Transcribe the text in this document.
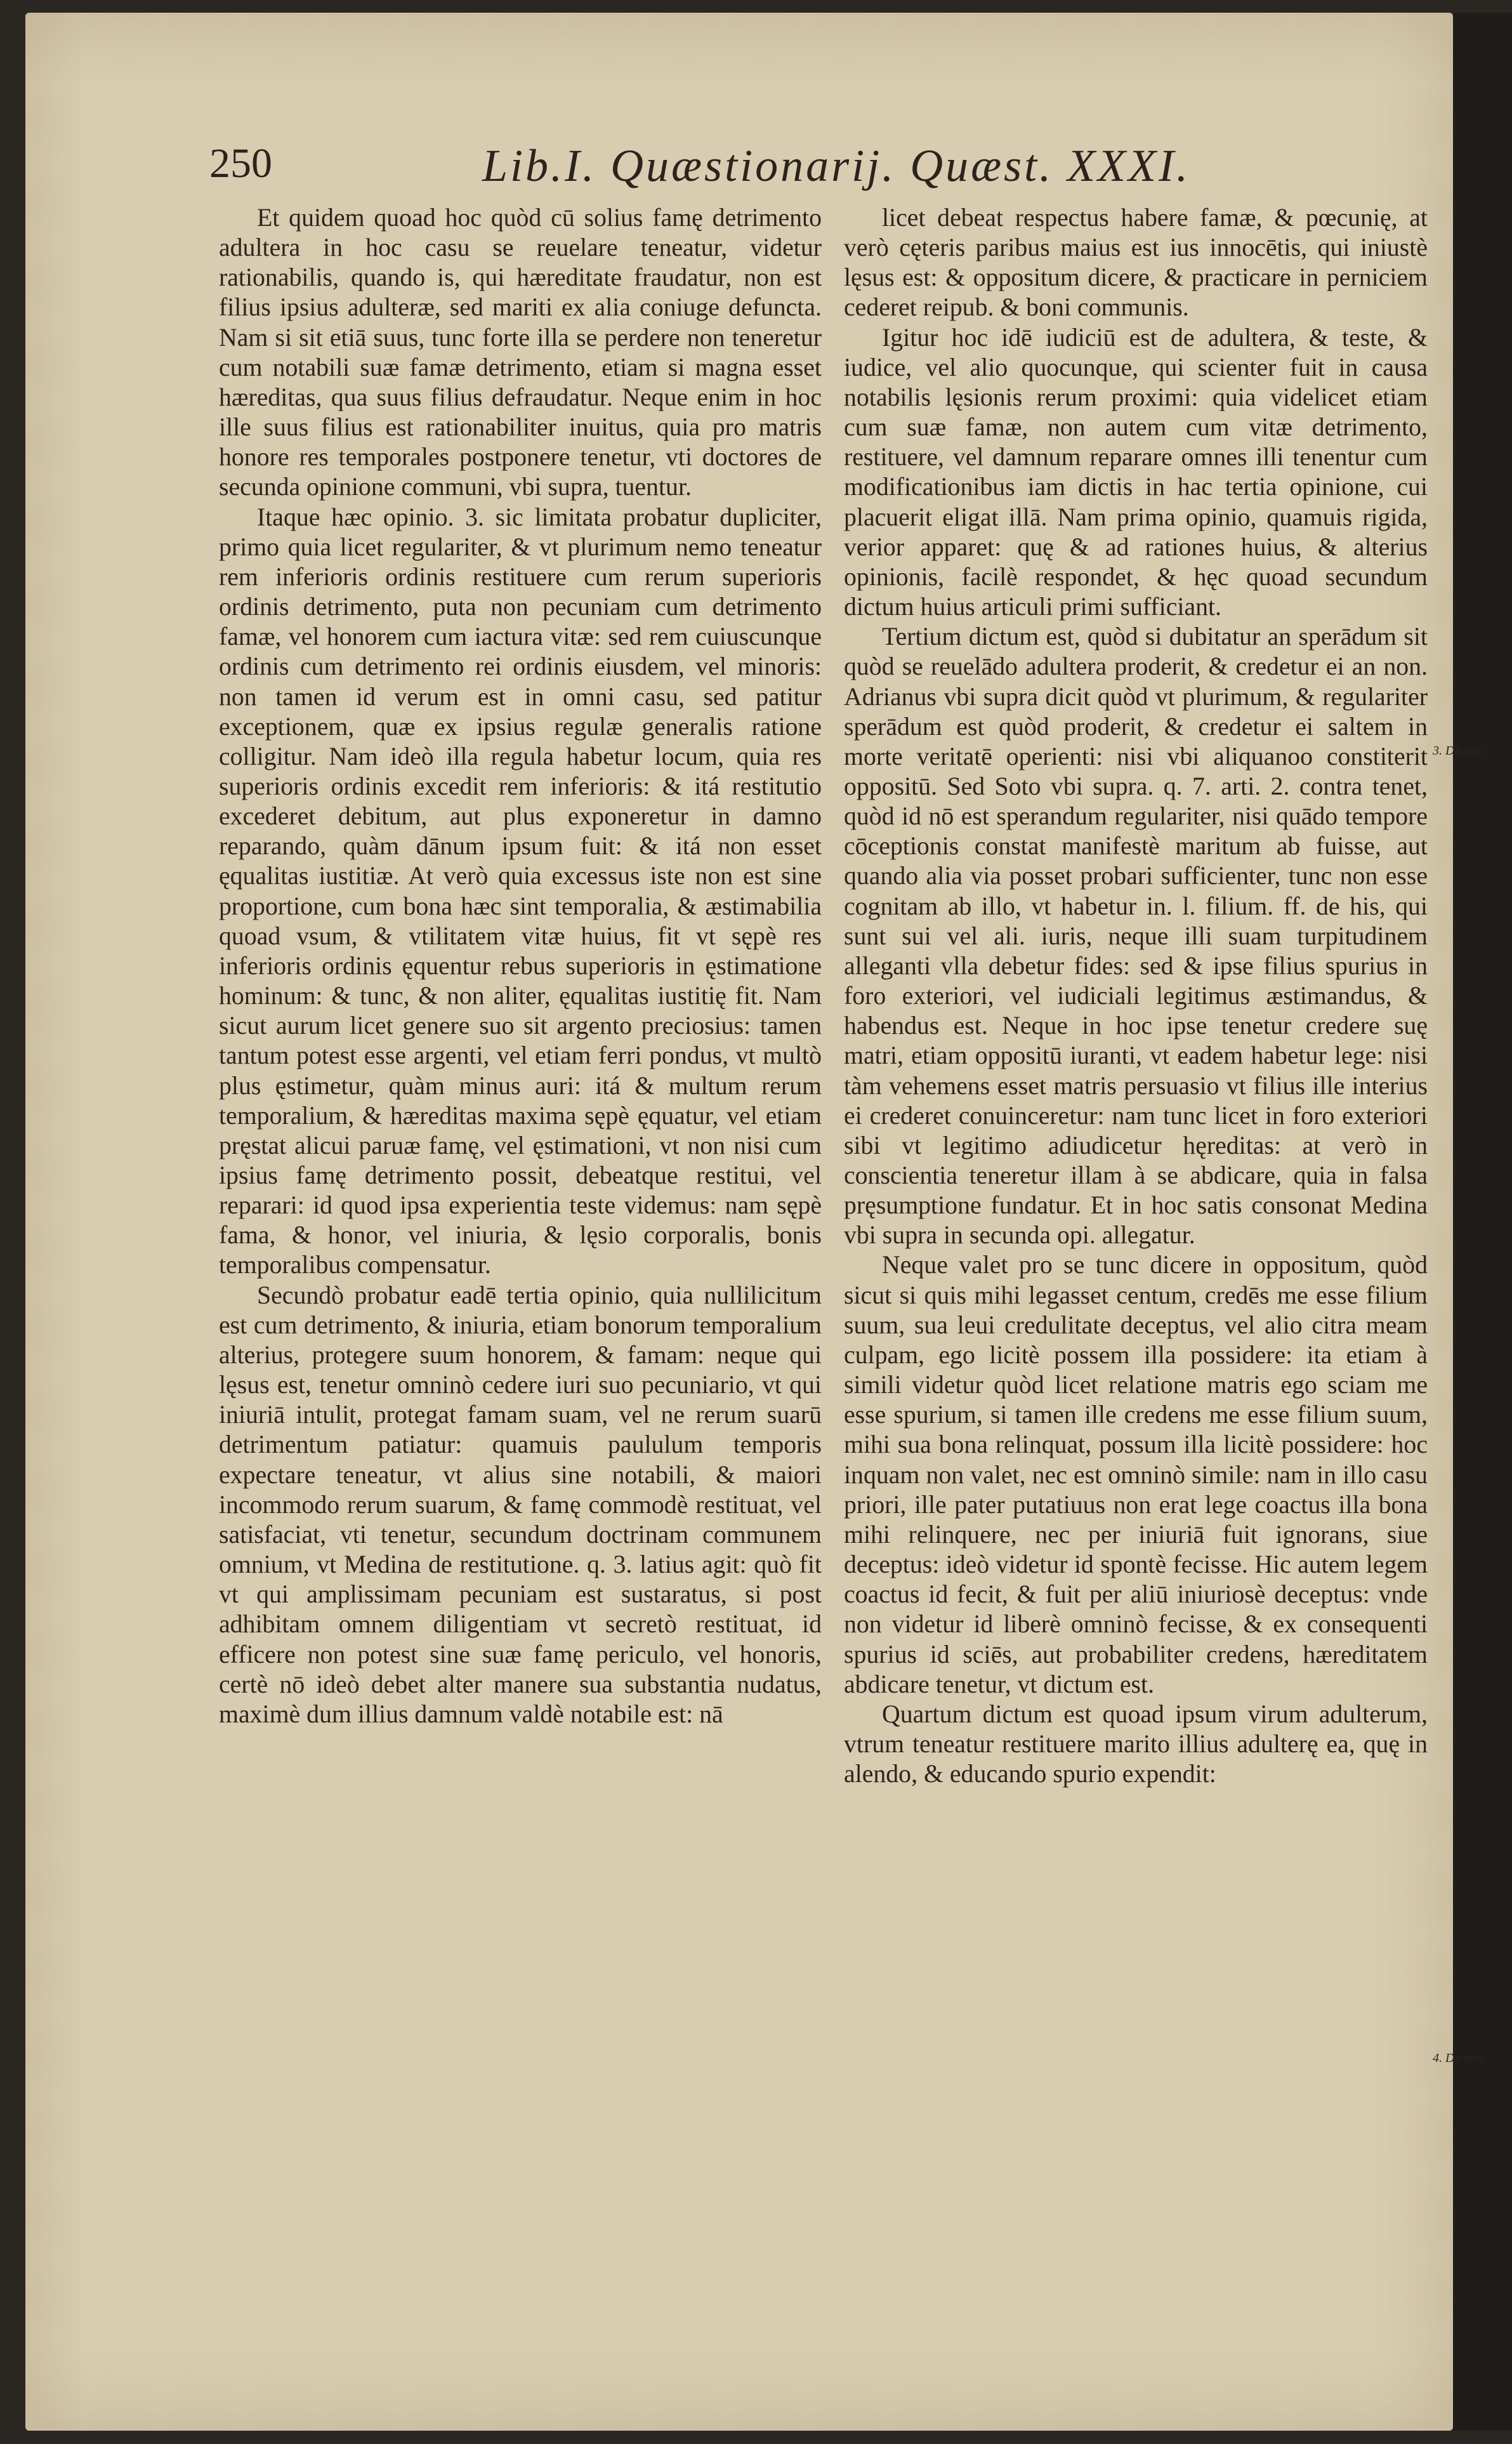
250	Lib.I. Quæstionarij. Quæst. XXXI.

Et quidem quoad hoc quòd cū solius famę detrimento adultera in hoc casu se reuelare teneatur, videtur rationabilis, quando is, qui hæreditate fraudatur, non est filius ipsius adulteræ, sed mariti ex alia coniuge defuncta. Nam si sit etiā suus, tunc forte illa se perdere non teneretur cum notabili suæ famæ detrimento, etiam si magna esset hæreditas, qua suus filius defraudatur. Neque enim in hoc ille suus filius est rationabiliter inuitus, quia pro matris honore res temporales postponere tenetur, vti doctores de secunda opinione communi, vbi supra, tuentur.

Itaque hæc opinio. 3. sic limitata probatur dupliciter, primo quia licet regulariter, & vt plurimum nemo teneatur rem inferioris ordinis restituere cum rerum superioris ordinis detrimento, puta non pecuniam cum detrimento famæ, vel honorem cum iactura vitæ: sed rem cuiuscunque ordinis cum detrimento rei ordinis eiusdem, vel minoris: non tamen id verum est in omni casu, sed patitur exceptionem, quæ ex ipsius regulæ generalis ratione colligitur. Nam ideò illa regula habetur locum, quia res superioris ordinis excedit rem inferioris: & itá restitutio excederet debitum, aut plus exponeretur in damno reparando, quàm dānum ipsum fuit: & itá non esset ęqualitas iustitiæ. At verò quia excessus iste non est sine proportione, cum bona hæc sint temporalia, & æstimabilia quoad vsum, & vtilitatem vitæ huius, fit vt sępè res inferioris ordinis ęquentur rebus superioris in ęstimatione hominum: & tunc, & non aliter, ęqualitas iustitię fit. Nam sicut aurum licet genere suo sit argento preciosius: tamen tantum potest esse argenti, vel etiam ferri pondus, vt multò plus ęstimetur, quàm minus auri: itá & multum rerum temporalium, & hæreditas maxima sępè ęquatur, vel etiam pręstat alicui paruæ famę, vel ęstimationi, vt non nisi cum ipsius famę detrimento possit, debeatque restitui, vel reparari: id quod ipsa experientia teste videmus: nam sępè fama, & honor, vel iniuria, & lęsio corporalis, bonis temporalibus compensatur.

Secundò probatur eadē tertia opinio, quia nullilicitum est cum detrimento, & iniuria, etiam bonorum temporalium alterius, protegere suum honorem, & famam: neque qui lęsus est, tenetur omninò cedere iuri suo pecuniario, vt qui iniuriā intulit, protegat famam suam, vel ne rerum suarū detrimentum patiatur: quamuis paululum temporis expectare teneatur, vt alius sine notabili, & maiori incommodo rerum suarum, & famę commodè restituat, vel satisfaciat, vti tenetur, secundum doctrinam communem omnium, vt Medina de restitutione. q. 3. latius agit: quò fit vt qui amplissimam pecuniam est sustaratus, si post adhibitam omnem diligentiam vt secretò restituat, id efficere non potest sine suæ famę periculo, vel honoris, certè nō ideò debet alter manere sua substantia nudatus, maximè dum illius damnum valdè notabile est: nā

licet debeat respectus habere famæ, & pœcunię, at verò cęteris paribus maius est ius innocētis, qui iniustè lęsus est: & oppositum dicere, & practicare in perniciem cederet reipub. & boni communis.

Igitur hoc idē iudiciū est de adultera, & teste, & iudice, vel alio quocunque, qui scienter fuit in causa notabilis lęsionis rerum proximi: quia videlicet etiam cum suæ famæ, non autem cum vitæ detrimento, restituere, vel damnum reparare omnes illi tenentur cum modificationibus iam dictis in hac tertia opinione, cui placuerit eligat illā. Nam prima opinio, quamuis rigida, verior apparet: quę & ad rationes huius, & alterius opinionis, facilè respondet, & hęc quoad secundum dictum huius articuli primi sufficiant.

Tertium dictum est, quòd si dubitatur an sperādum sit quòd se reuelādo adultera proderit, & credetur ei an non. Adrianus vbi supra dicit quòd vt plurimum, & regulariter sperādum est quòd proderit, & credetur ei saltem in morte veritatē operienti: nisi vbi aliquanoo constiterit oppositū. Sed Soto vbi supra. q. 7. arti. 2. contra tenet, quòd id nō est sperandum regulariter, nisi quādo tempore cōceptionis constat manifestè maritum ab fuisse, aut quando alia via posset probari sufficienter, tunc non esse cognitam ab illo, vt habetur in. l. filium. ff. de his, qui sunt sui vel ali. iuris, neque illi suam turpitudinem alleganti vlla debetur fides: sed & ipse filius spurius in foro exteriori, vel iudiciali legitimus æstimandus, & habendus est. Neque in hoc ipse tenetur credere suę matri, etiam oppositū iuranti, vt eadem habetur lege: nisi tàm vehemens esset matris persuasio vt filius ille interius ei crederet conuinceretur: nam tunc licet in foro exteriori sibi vt legitimo adiudicetur hęreditas: at verò in conscientia teneretur illam à se abdicare, quia in falsa pręsumptione fundatur. Et in hoc satis consonat Medina vbi supra in secunda opi. allegatur.

Neque valet pro se tunc dicere in oppositum, quòd sicut si quis mihi legasset centum, credēs me esse filium suum, sua leui credulitate deceptus, vel alio citra meam culpam, ego licitè possem illa possidere: ita etiam à simili videtur quòd licet relatione matris ego sciam me esse spurium, si tamen ille credens me esse filium suum, mihi sua bona relinquat, possum illa licitè possidere: hoc inquam non valet, nec est omninò simile: nam in illo casu priori, ille pater putatiuus non erat lege coactus illa bona mihi relinquere, nec per iniuriā fuit ignorans, siue deceptus: ideò videtur id spontè fecisse. Hic autem legem coactus id fecit, & fuit per aliū iniuriosè deceptus: vnde non videtur id liberè omninò fecisse, & ex consequenti spurius id sciēs, aut probabiliter credens, hæreditatem abdicare tenetur, vt dictum est.

Quartum dictum est quoad ipsum virum adulterum, vtrum teneatur restituere marito illius adulterę ea, quę in alendo, & educando spurio expendit:

3. Dictum.
4. Dictum.
